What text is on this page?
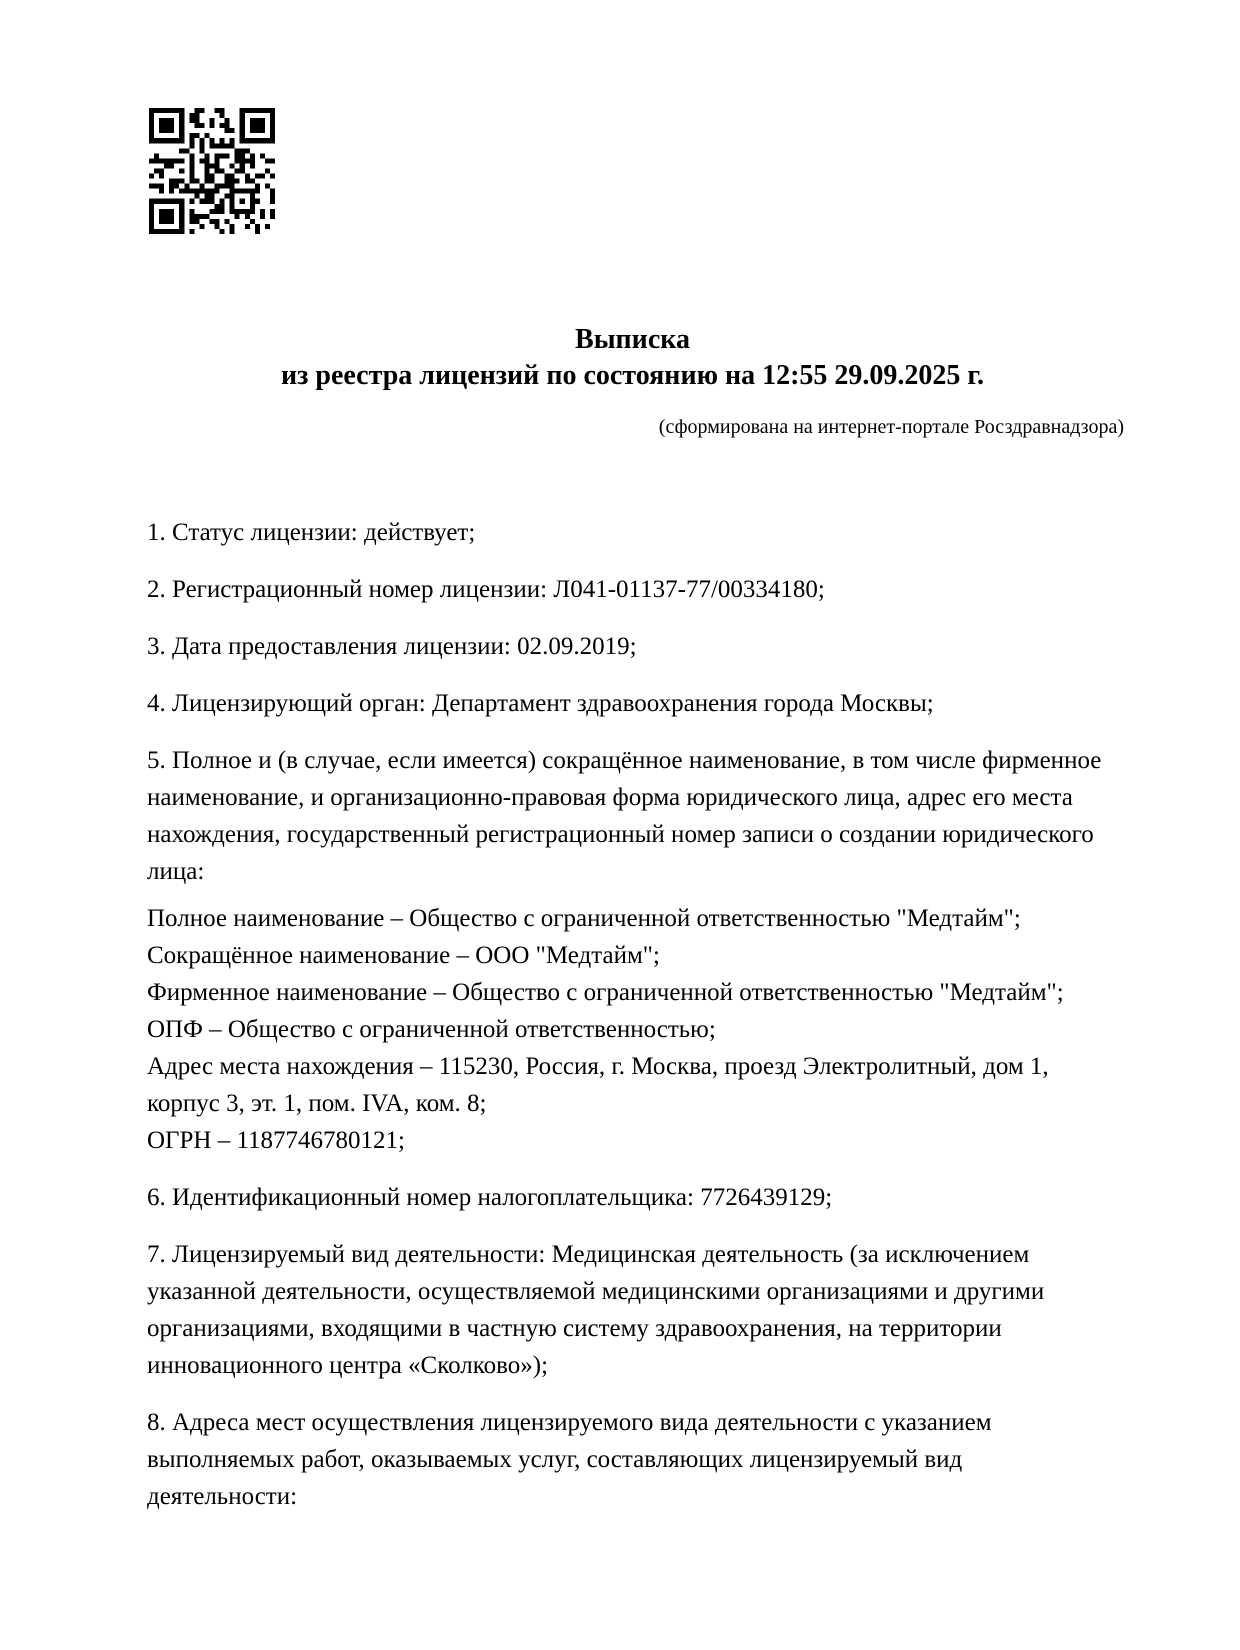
Выписка
из реестра лицензий по состоянию на 12:55 29.09.2025 г.
(сформирована на интернет-портале Росздравнадзора)
1. Статус лицензии: действует;
2. Регистрационный номер лицензии: Л041-01137-77/00334180;
3. Дата предоставления лицензии: 02.09.2019;
4. Лицензирующий орган: Департамент здравоохранения города Москвы;
5. Полное и (в случае, если имеется) сокращённое наименование, в том числе фирменное наименование, и организационно-правовая форма юридического лица, адрес его места нахождения, государственный регистрационный номер записи о создании юридического лица:
Полное наименование – Общество с ограниченной ответственностью "Медтайм";
Сокращённое наименование – ООО "Медтайм";
Фирменное наименование – Общество с ограниченной ответственностью "Медтайм";
ОПФ – Общество с ограниченной ответственностью;
Адрес места нахождения – 115230, Россия, г. Москва, проезд Электролитный, дом 1, корпус 3, эт. 1, пом. IVA, ком. 8;
ОГРН – 1187746780121;
6. Идентификационный номер налогоплательщика: 7726439129;
7. Лицензируемый вид деятельности: Медицинская деятельность (за исключением указанной деятельности, осуществляемой медицинскими организациями и другими организациями, входящими в частную систему здравоохранения, на территории инновационного центра «Сколково»);
8. Адреса мест осуществления лицензируемого вида деятельности с указанием выполняемых работ, оказываемых услуг, составляющих лицензируемый вид деятельности:
